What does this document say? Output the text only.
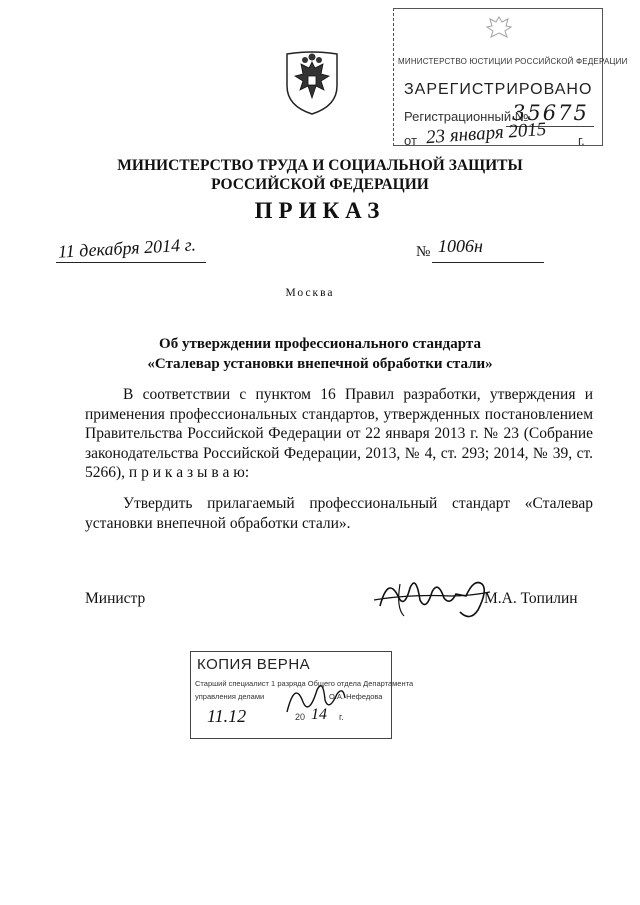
МИНИСТЕРСТВО ЮСТИЦИИ РОССИЙСКОЙ ФЕДЕРАЦИИ
ЗАРЕГИСТРИРОВАНО
Регистрационный №
35675
от 23 января 2015 г.
МИНИСТЕРСТВО ТРУДА И СОЦИАЛЬНОЙ ЗАЩИТЫ
РОССИЙСКОЙ ФЕДЕРАЦИИ
ПРИКАЗ
11 декабря 2014 г.	№ 1006н
Москва
Об утверждении профессионального стандарта
«Сталевар установки внепечной обработки стали»
В соответствии с пунктом 16 Правил разработки, утверждения и применения профессиональных стандартов, утвержденных постановлением Правительства Российской Федерации от 22 января 2013 г. № 23 (Собрание законодательства Российской Федерации, 2013, № 4, ст. 293; 2014, № 39, ст. 5266), п р и к а з ы в а ю:
Утвердить прилагаемый профессиональный стандарт «Сталевар установки внепечной обработки стали».
Министр	М.А. Топилин
КОПИЯ ВЕРНА
Старший специалист 1 разряда Общего отдела Департамента
управления делами	О.А. Нефедова
11.12	20 14 г.
